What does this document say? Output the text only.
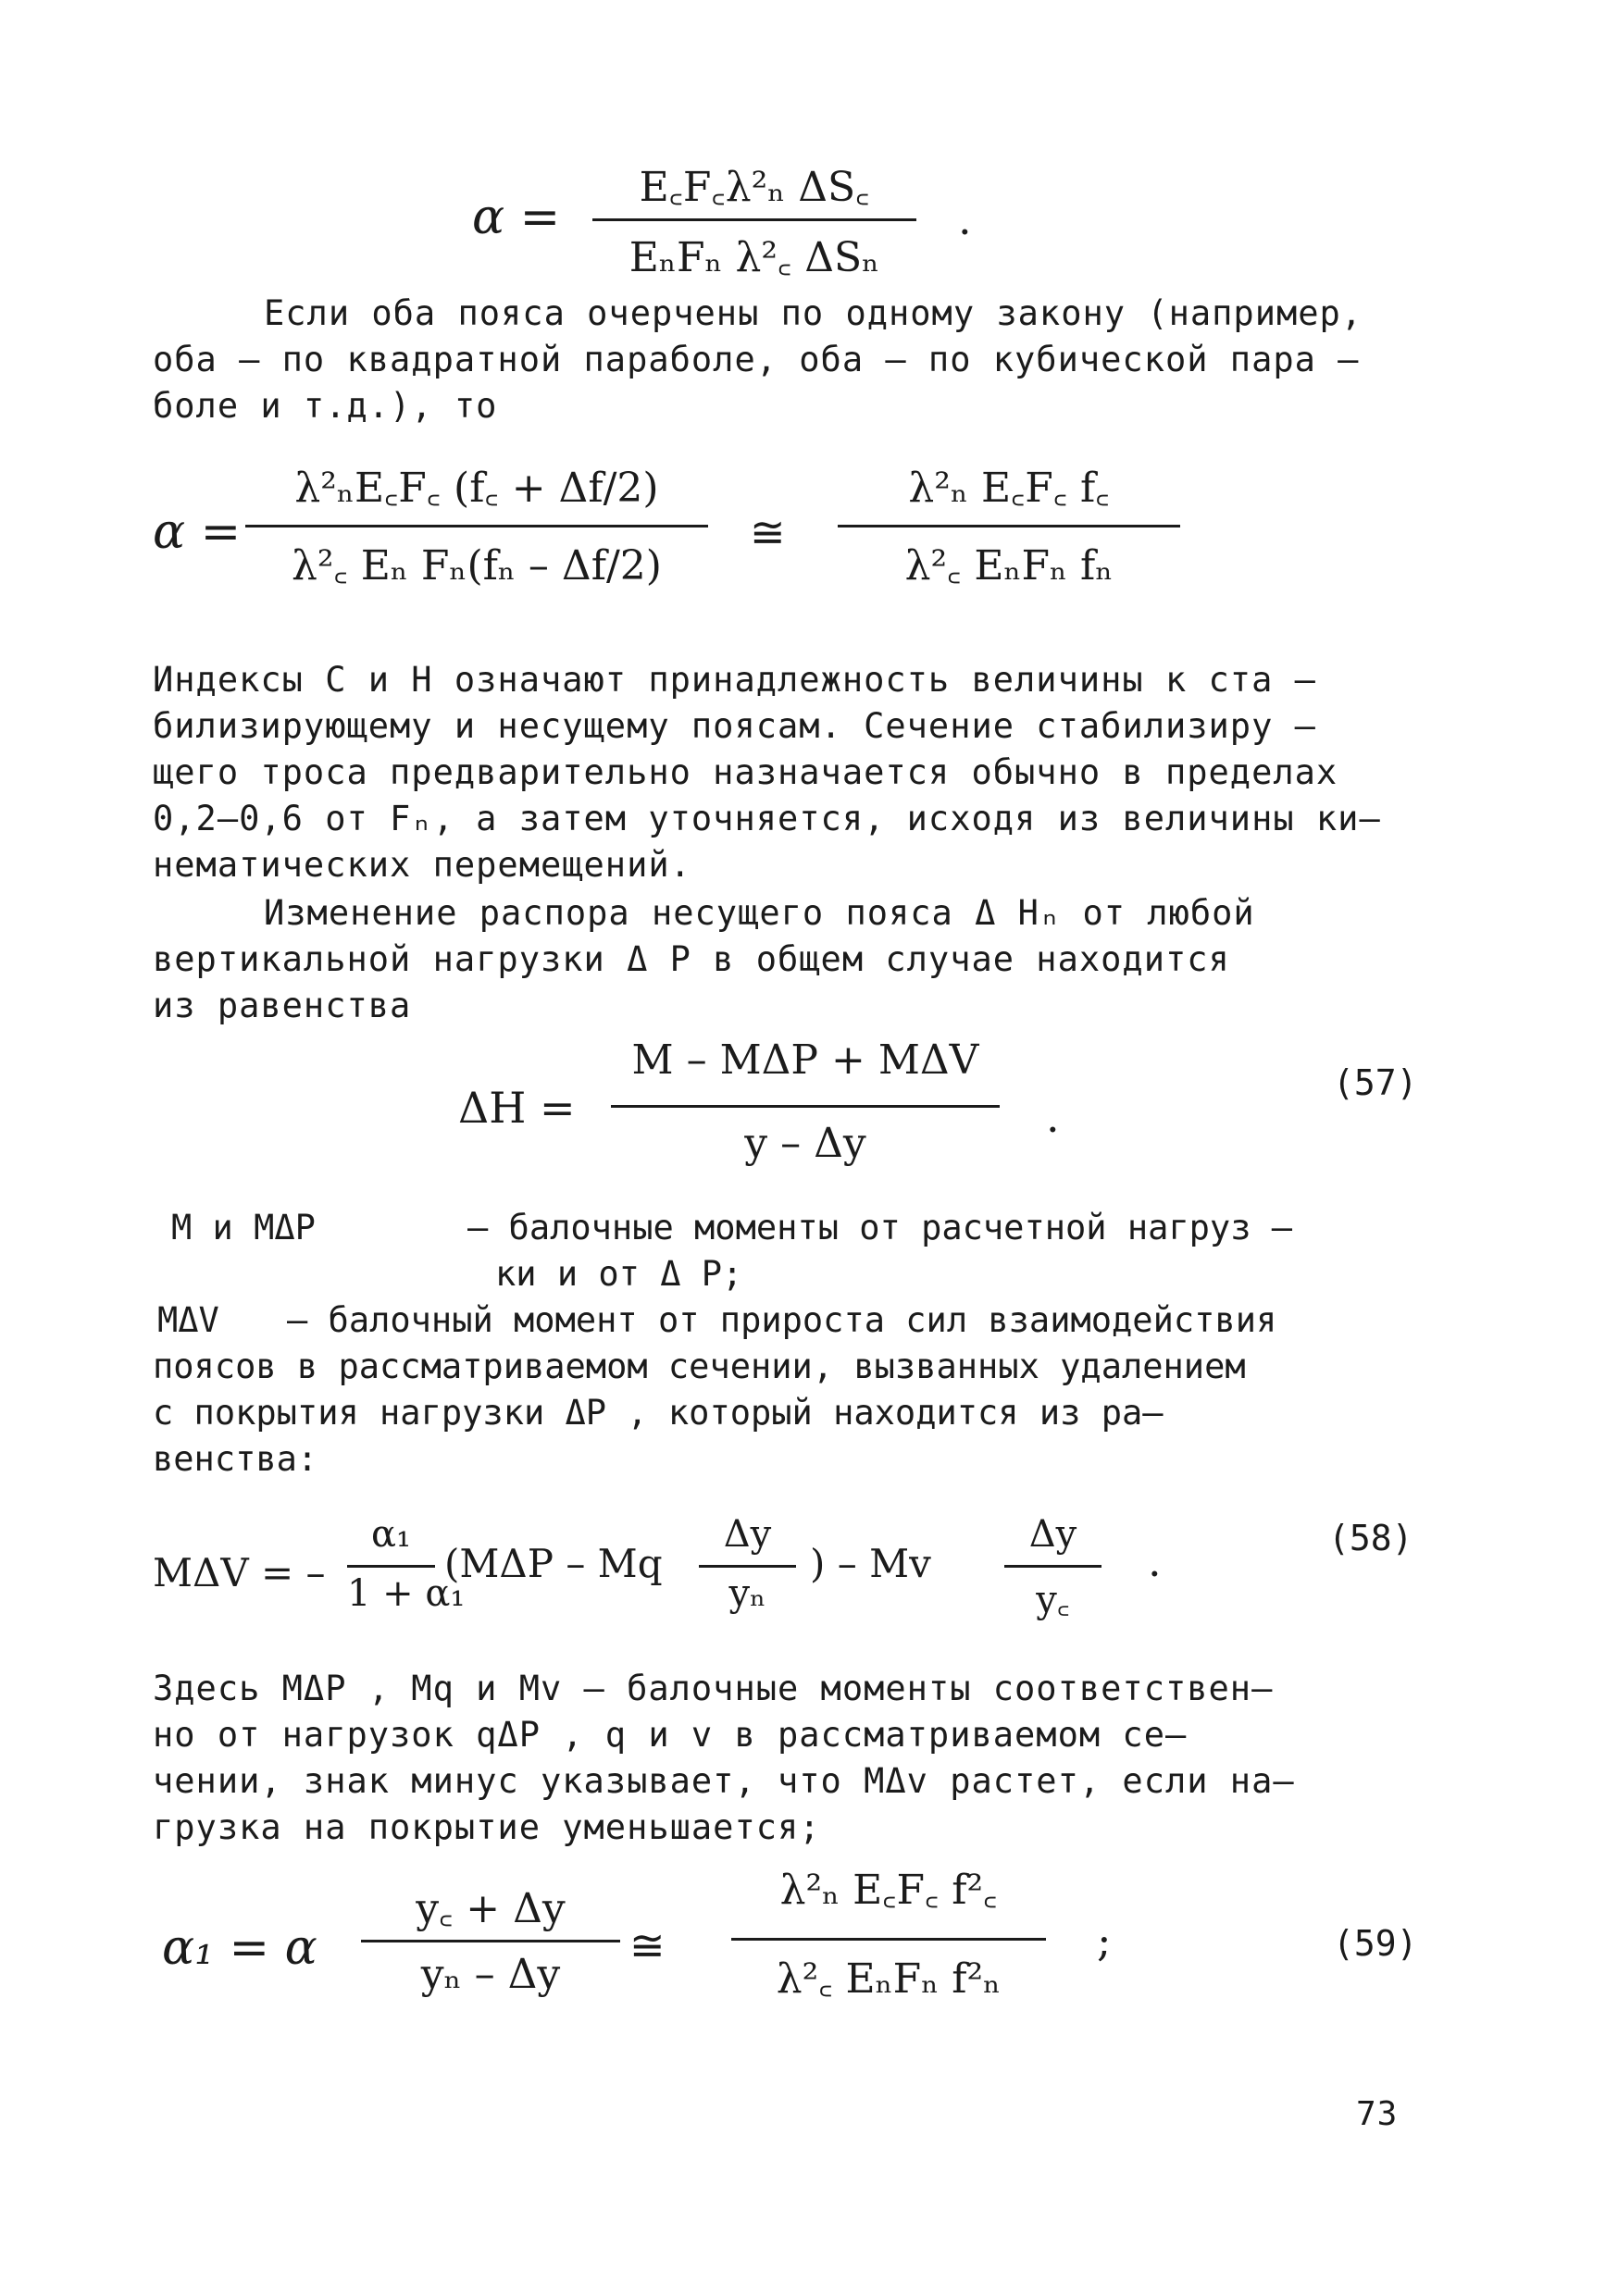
α =
E꜀F꜀λ²ₙ ΔS꜀
EₙFₙ λ²꜀ ΔSₙ
.
Если оба пояса очерчены по одному закону (например,
оба – по квадратной параболе, оба – по кубической пара –
боле и т.д.), то
α =
λ²ₙE꜀F꜀ (f꜀ + Δf/2)
λ²꜀ Eₙ Fₙ(fₙ – Δf/2)
≅
λ²ₙ E꜀F꜀ f꜀
λ²꜀ EₙFₙ fₙ
Индексы С и Н означают принадлежность величины к ста –
билизирующему и несущему поясам. Сечение стабилизиру –
щего троса предварительно назначается обычно в пределах
0,2–0,6 от Fₙ, а затем уточняется, исходя из величины ки–
нематических перемещений.
Изменение распора несущего пояса Δ Hₙ от любой
вертикальной нагрузки Δ P в общем случае находится
из равенства
ΔH =
M – MΔP + MΔV
y – Δy
.
(57)
М и MΔP	– балочные моменты от расчетной нагруз –
ки и от Δ P;
MΔV – балочный момент от прироста сил взаимодействия
поясов в рассматриваемом сечении, вызванных удалением
с покрытия нагрузки ΔP , который находится из ра–
венства:
MΔV = –
α₁
1 + α₁
(MΔP – Mq
Δy
yₙ
) – Mv
Δy
y꜀
.	(58)
Здесь MΔP , Mq и Mv – балочные моменты соответствен–
но от нагрузок qΔP , q и v в рассматриваемом се–
чении, знак минус указывает, что MΔv растет, если на–
грузка на покрытие уменьшается;
α₁ = α
y꜀ + Δy
yₙ – Δy
≅
λ²ₙ E꜀F꜀ f²꜀
λ²꜀ EₙFₙ f²ₙ
;	(59)
73
